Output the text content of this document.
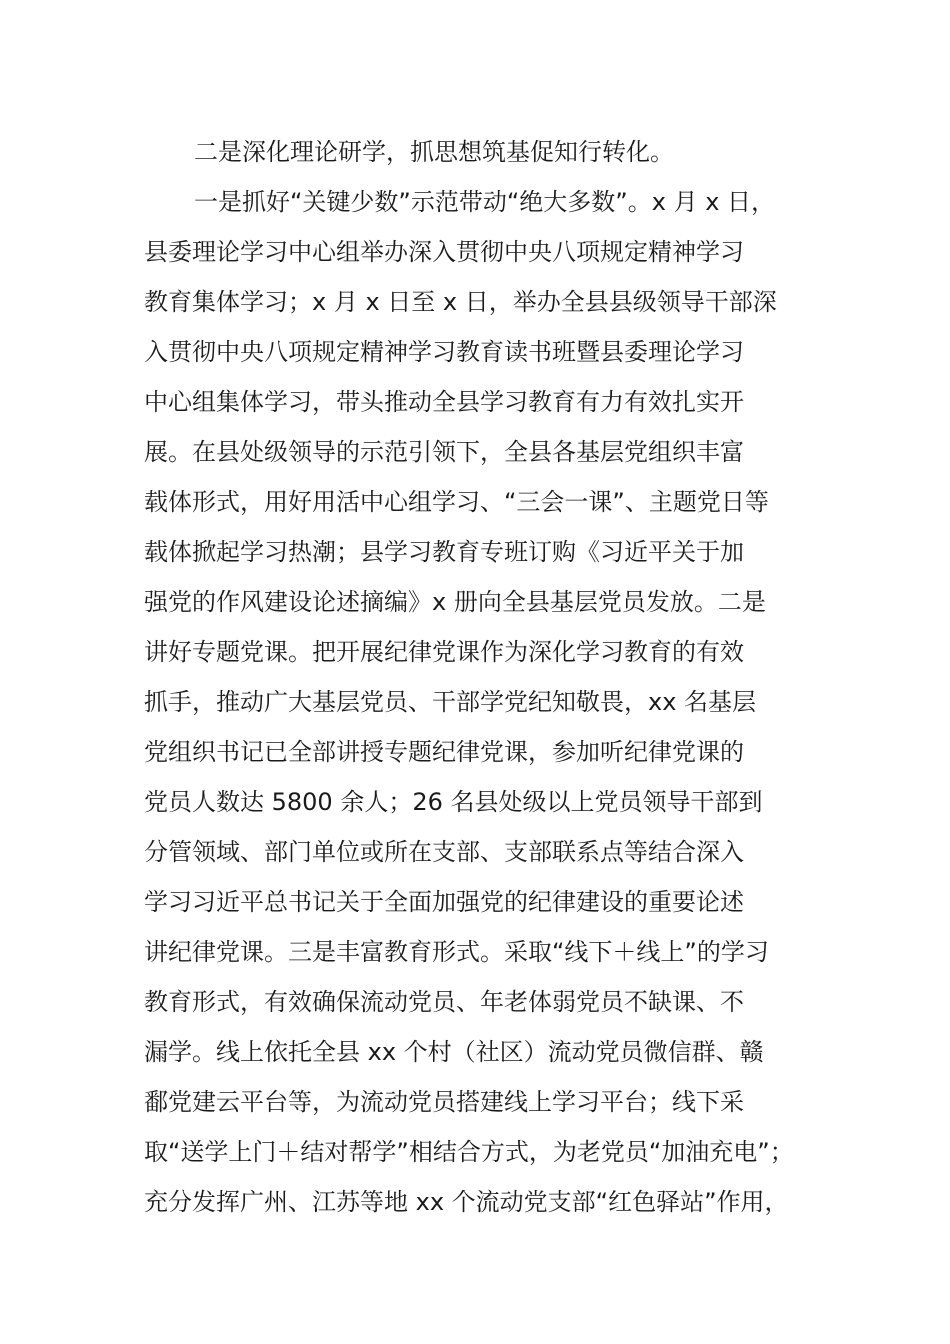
二是深化理论研学，抓思想筑基促知行转化。
一是抓好“关键少数”示范带动“绝大多数”。x 月 x 日，
县委理论学习中心组举办深入贯彻中央八项规定精神学习
教育集体学习；x 月 x 日至 x 日，举办全县县级领导干部深
入贯彻中央八项规定精神学习教育读书班暨县委理论学习
中心组集体学习，带头推动全县学习教育有力有效扎实开
展。在县处级领导的示范引领下，全县各基层党组织丰富
载体形式，用好用活中心组学习、“三会一课”、主题党日等
载体掀起学习热潮；县学习教育专班订购《习近平关于加
强党的作风建设论述摘编》x 册向全县基层党员发放。二是
讲好专题党课。把开展纪律党课作为深化学习教育的有效
抓手，推动广大基层党员、干部学党纪知敬畏，xx 名基层
党组织书记已全部讲授专题纪律党课，参加听纪律党课的
党员人数达 5800 余人；26 名县处级以上党员领导干部到
分管领域、部门单位或所在支部、支部联系点等结合深入
学习习近平总书记关于全面加强党的纪律建设的重要论述
讲纪律党课。三是丰富教育形式。采取“线下＋线上”的学习
教育形式，有效确保流动党员、年老体弱党员不缺课、不
漏学。线上依托全县 xx 个村（社区）流动党员微信群、赣
鄱党建云平台等，为流动党员搭建线上学习平台；线下采
取“送学上门＋结对帮学”相结合方式，为老党员“加油充电”；
充分发挥广州、江苏等地 xx 个流动党支部“红色驿站”作用，
